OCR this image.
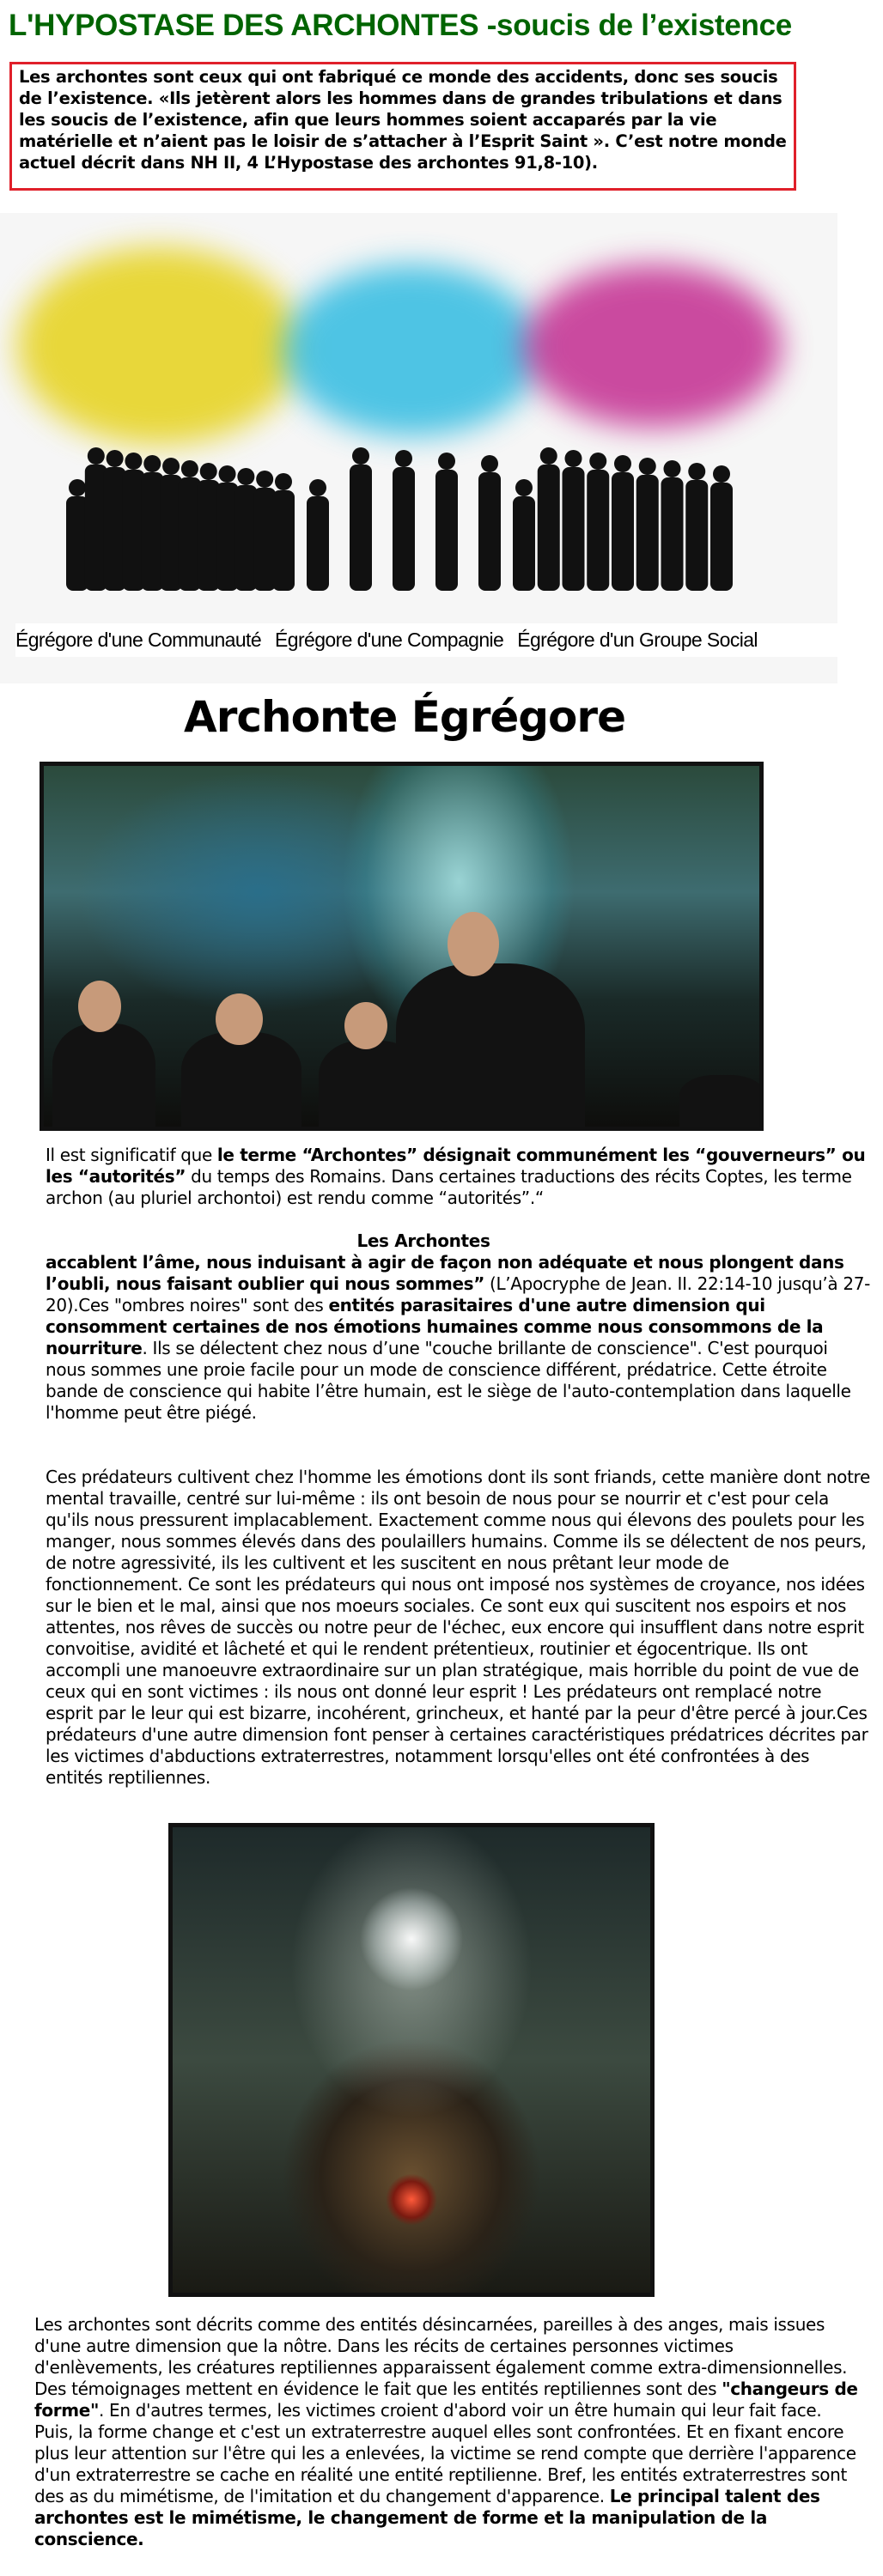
L'HYPOSTASE DES ARCHONTES -soucis de l’existence
Les archontes sont ceux qui ont fabriqué ce monde des accidents, donc ses soucis de l’existence. «Ils jetèrent alors les hommes dans de grandes tribulations et dans les soucis de l’existence, afin que leurs hommes soient accaparés par la vie matérielle et n’aient pas le loisir de s’attacher à l’Esprit Saint ». C’est notre monde actuel décrit dans NH II, 4 L’Hypostase des archontes 91,8-10).
Égrégore d'une Communauté Égrégore d'une Compagnie Égrégore d'un Groupe Social
Archonte Égrégore

Il est significatif que le terme “Archontes” désignait communément les “gouverneurs” ou les “autorités” du temps des Romains. Dans certaines traductions des récits Coptes, les terme archon (au pluriel archontoi) est rendu comme “autorités”.“

Les Archontes

accablent l’âme, nous induisant à agir de façon non adéquate et nous plongent dans l’oubli, nous faisant oublier qui nous sommes” (L’Apocryphe de Jean. II. 22:14-10 jusqu’à 27-20).Ces "ombres noires" sont des entités parasitaires d'une autre dimension qui consomment certaines de nos émotions humaines comme nous consommons de la nourriture. Ils se délectent chez nous d’une "couche brillante de conscience". C'est pourquoi nous sommes une proie facile pour un mode de conscience différent, prédatrice. Cette étroite bande de conscience qui habite l’être humain, est le siège de l'auto-contemplation dans laquelle l'homme peut être piégé.

Ces prédateurs cultivent chez l'homme les émotions dont ils sont friands, cette manière dont notre mental travaille, centré sur lui-même : ils ont besoin de nous pour se nourrir et c'est pour cela qu'ils nous pressurent implacablement. Exactement comme nous qui élevons des poulets pour les manger, nous sommes élevés dans des poulaillers humains. Comme ils se délectent de nos peurs, de notre agressivité, ils les cultivent et les suscitent en nous prêtant leur mode de fonctionnement. Ce sont les prédateurs qui nous ont imposé nos systèmes de croyance, nos idées sur le bien et le mal, ainsi que nos moeurs sociales. Ce sont eux qui suscitent nos espoirs et nos attentes, nos rêves de succès ou notre peur de l'échec, eux encore qui insufflent dans notre esprit convoitise, avidité et lâcheté et qui le rendent prétentieux, routinier et égocentrique. Ils ont accompli une manoeuvre extraordinaire sur un plan stratégique, mais horrible du point de vue de ceux qui en sont victimes : ils nous ont donné leur esprit ! Les prédateurs ont remplacé notre esprit par le leur qui est bizarre, incohérent, grincheux, et hanté par la peur d'être percé à jour.Ces prédateurs d'une autre dimension font penser à certaines caractéristiques prédatrices décrites par les victimes d'abductions extraterrestres, notamment lorsqu'elles ont été confrontées à des entités reptiliennes.

Les archontes sont décrits comme des entités désincarnées, pareilles à des anges, mais issues d'une autre dimension que la nôtre. Dans les récits de certaines personnes victimes d'enlèvements, les créatures reptiliennes apparaissent également comme extra-dimensionnelles. Des témoignages mettent en évidence le fait que les entités reptiliennes sont des "changeurs de forme". En d'autres termes, les victimes croient d'abord voir un être humain qui leur fait face. Puis, la forme change et c'est un extraterrestre auquel elles sont confrontées. Et en fixant encore plus leur attention sur l'être qui les a enlevées, la victime se rend compte que derrière l'apparence d'un extraterrestre se cache en réalité une entité reptilienne. Bref, les entités extraterrestres sont des as du mimétisme, de l'imitation et du changement d'apparence. Le principal talent des archontes est le mimétisme, le changement de forme et la manipulation de la conscience.
